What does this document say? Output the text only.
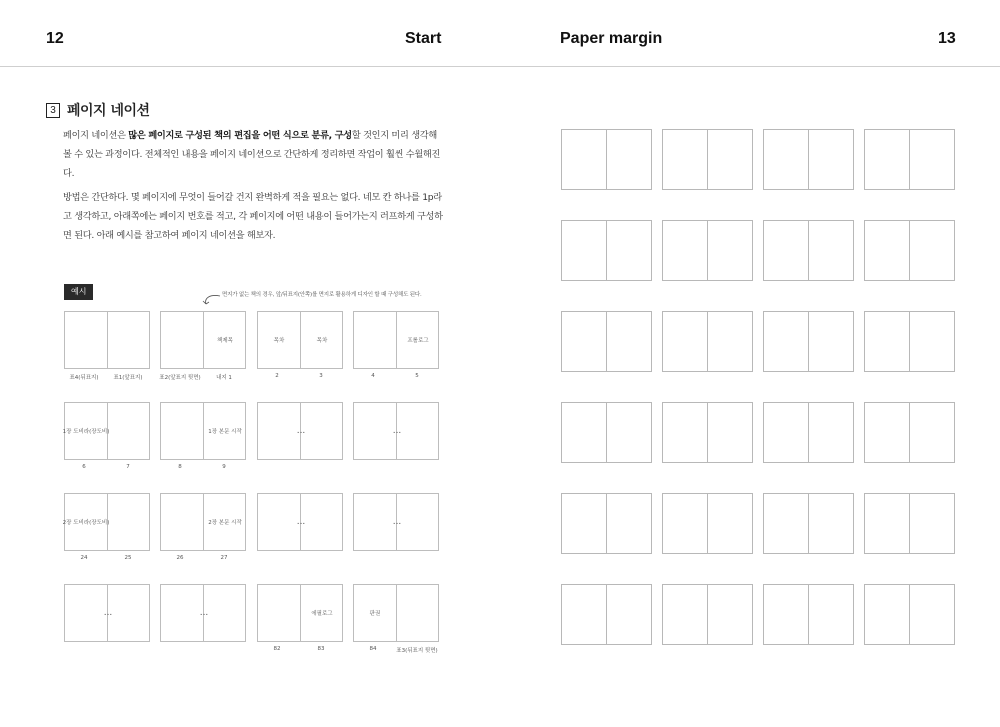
12	Start	Paper margin	13
3 페이지 네이션

페이지 네이션은 많은 페이지로 구성된 책의 편집을 어떤 식으로 분류, 구성할 것인지 미리 생각해 볼 수 있는 과정이다. 전체적인 내용을 페이지 네이션으로 간단하게 정리하면 작업이 훨씬 수월해진다.

방법은 간단하다. 몇 페이지에 무엇이 들어갈 건지 완벽하게 적을 필요는 없다. 네모 칸 하나를 1p라고 생각하고, 아래쪽에는 페이지 번호를 적고, 각 페이지에 어떤 내용이 들어가는지 러프하게 구성하면 된다. 아래 예시를 참고하여 페이지 네이션을 해보자.

예시	면지가 없는 책의 경우, 앞/뒤표지(안쪽)를 면지로 활용하게 디자인 할 때 구성해도 된다.
표4(뒤표지)	표1(앞표지)
책제목
표2(앞표지 뒷면)	내지 1
목차	목차
2	3
프롤로그
4	5
1장 도비라(장도비)
6	7
1장 본문 시작
8	9
...	...
2장 도비라(장도비)
24	25
2장 본문 시작
26	27
...	...
...	...	에필로그
82	83
판권
84	표3(뒤표지 뒷면)
